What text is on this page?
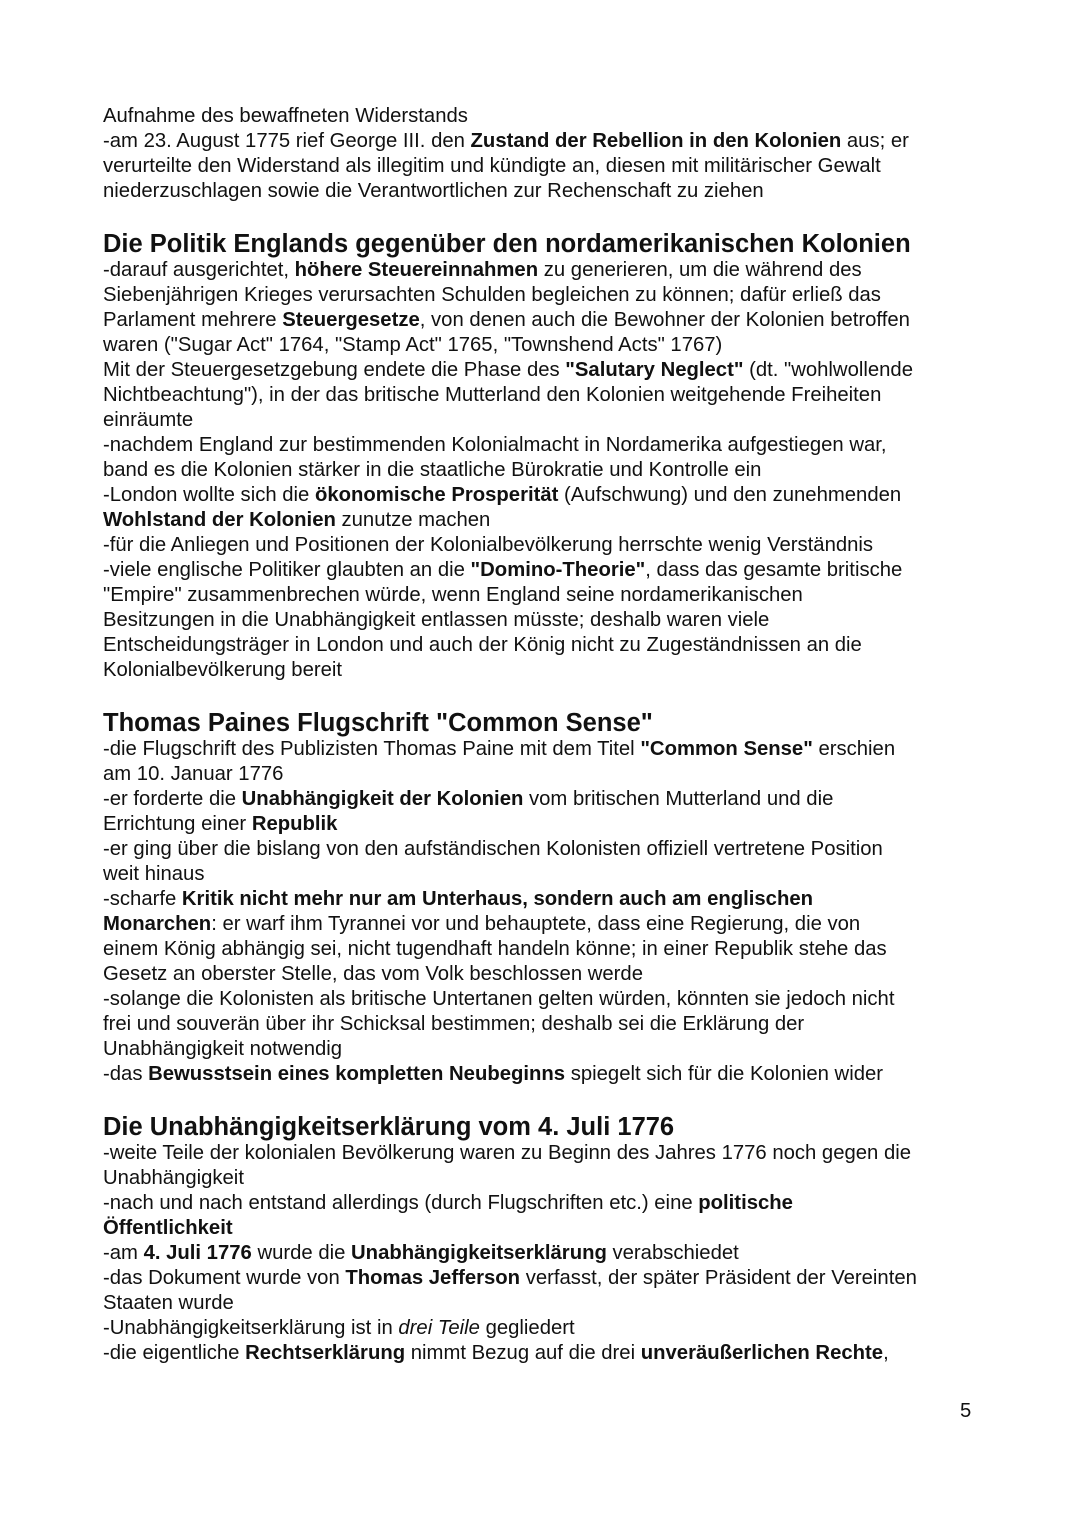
Aufnahme des bewaffneten Widerstands

-am 23. August 1775 rief George III. den Zustand der Rebellion in den Kolonien aus; er

verurteilte den Widerstand als illegitim und kündigte an, diesen mit militärischer Gewalt

niederzuschlagen sowie die Verantwortlichen zur Rechenschaft zu ziehen

Die Politik Englands gegenüber den nordamerikanischen Kolonien

-darauf ausgerichtet, höhere Steuereinnahmen zu generieren, um die während des

Siebenjährigen Krieges verursachten Schulden begleichen zu können; dafür erließ das

Parlament mehrere Steuergesetze, von denen auch die Bewohner der Kolonien betroffen

waren ("Sugar Act" 1764, "Stamp Act" 1765, "Townshend Acts" 1767)

Mit der Steuergesetzgebung endete die Phase des "Salutary Neglect" (dt. "wohlwollende

Nichtbeachtung"), in der das britische Mutterland den Kolonien weitgehende Freiheiten

einräumte

-nachdem England zur bestimmenden Kolonialmacht in Nordamerika aufgestiegen war,

band es die Kolonien stärker in die staatliche Bürokratie und Kontrolle ein

-London wollte sich die ökonomische Prosperität (Aufschwung) und den zunehmenden

Wohlstand der Kolonien zunutze machen

-für die Anliegen und Positionen der Kolonialbevölkerung herrschte wenig Verständnis

-viele englische Politiker glaubten an die "Domino-Theorie", dass das gesamte britische

"Empire" zusammenbrechen würde, wenn England seine nordamerikanischen

Besitzungen in die Unabhängigkeit entlassen müsste; deshalb waren viele

Entscheidungsträger in London und auch der König nicht zu Zugeständnissen an die

Kolonialbevölkerung bereit

Thomas Paines Flugschrift "Common Sense"

-die Flugschrift des Publizisten Thomas Paine mit dem Titel "Common Sense" erschien

am 10. Januar 1776

-er forderte die Unabhängigkeit der Kolonien vom britischen Mutterland und die

Errichtung einer Republik

-er ging über die bislang von den aufständischen Kolonisten offiziell vertretene Position

weit hinaus

-scharfe Kritik nicht mehr nur am Unterhaus, sondern auch am englischen

Monarchen: er warf ihm Tyrannei vor und behauptete, dass eine Regierung, die von

einem König abhängig sei, nicht tugendhaft handeln könne; in einer Republik stehe das

Gesetz an oberster Stelle, das vom Volk beschlossen werde

-solange die Kolonisten als britische Untertanen gelten würden, könnten sie jedoch nicht

frei und souverän über ihr Schicksal bestimmen; deshalb sei die Erklärung der

Unabhängigkeit notwendig

-das Bewusstsein eines kompletten Neubeginns spiegelt sich für die Kolonien wider

Die Unabhängigkeitserklärung vom 4. Juli 1776

-weite Teile der kolonialen Bevölkerung waren zu Beginn des Jahres 1776 noch gegen die

Unabhängigkeit

-nach und nach entstand allerdings (durch Flugschriften etc.) eine politische

Öffentlichkeit

-am 4. Juli 1776 wurde die Unabhängigkeitserklärung verabschiedet

-das Dokument wurde von Thomas Jefferson verfasst, der später Präsident der Vereinten

Staaten wurde

-Unabhängigkeitserklärung ist in drei Teile gegliedert

-die eigentliche Rechtserklärung nimmt Bezug auf die drei unveräußerlichen Rechte,

5
